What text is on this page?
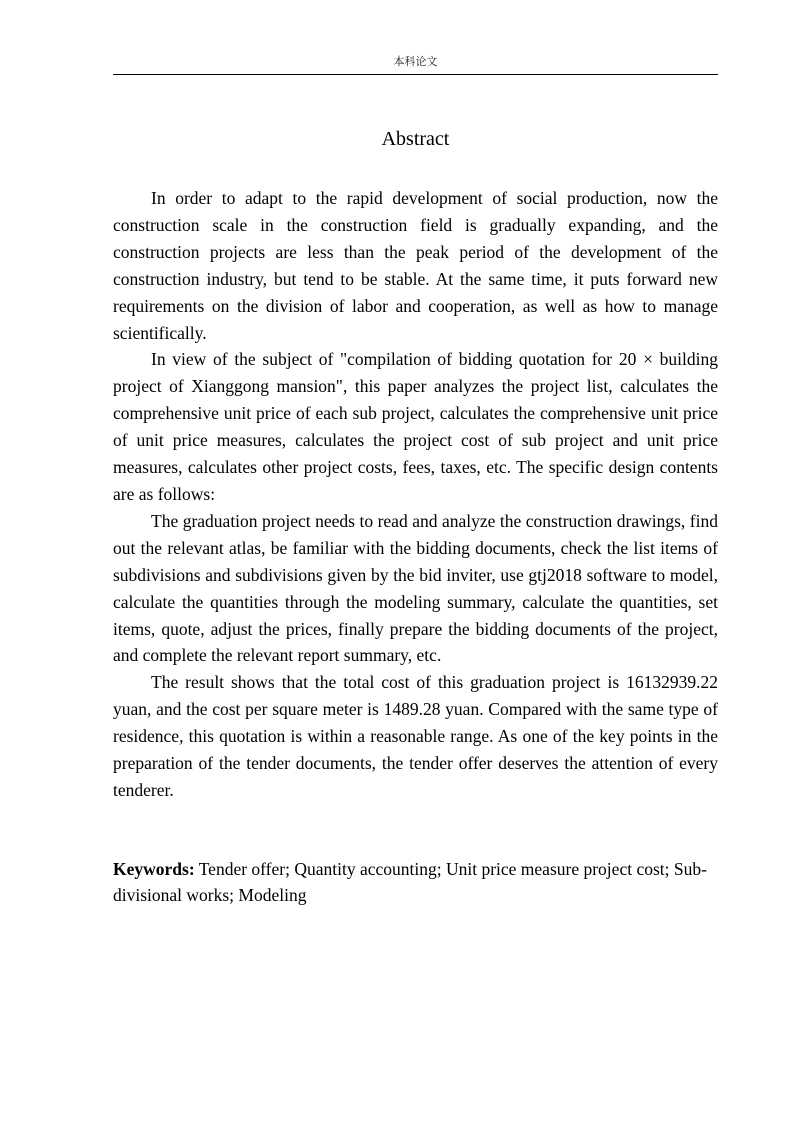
本科论文
Abstract

In order to adapt to the rapid development of social production, now the construction scale in the construction field is gradually expanding, and the construction projects are less than the peak period of the development of the construction industry, but tend to be stable. At the same time, it puts forward new requirements on the division of labor and cooperation, as well as how to manage scientifically.

In view of the subject of "compilation of bidding quotation for 20 × building project of Xianggong mansion", this paper analyzes the project list, calculates the comprehensive unit price of each sub project, calculates the comprehensive unit price of unit price measures, calculates the project cost of sub project and unit price measures, calculates other project costs, fees, taxes, etc. The specific design contents are as follows:

The graduation project needs to read and analyze the construction drawings, find out the relevant atlas, be familiar with the bidding documents, check the list items of subdivisions and subdivisions given by the bid inviter, use gtj2018 software to model, calculate the quantities through the modeling summary, calculate the quantities, set items, quote, adjust the prices, finally prepare the bidding documents of the project, and complete the relevant report summary, etc.

The result shows that the total cost of this graduation project is 16132939.22 yuan, and the cost per square meter is 1489.28 yuan. Compared with the same type of residence, this quotation is within a reasonable range. As one of the key points in the preparation of the tender documents, the tender offer deserves the attention of every tenderer.

Keywords: Tender offer; Quantity accounting; Unit price measure project cost; Sub-divisional works; Modeling
